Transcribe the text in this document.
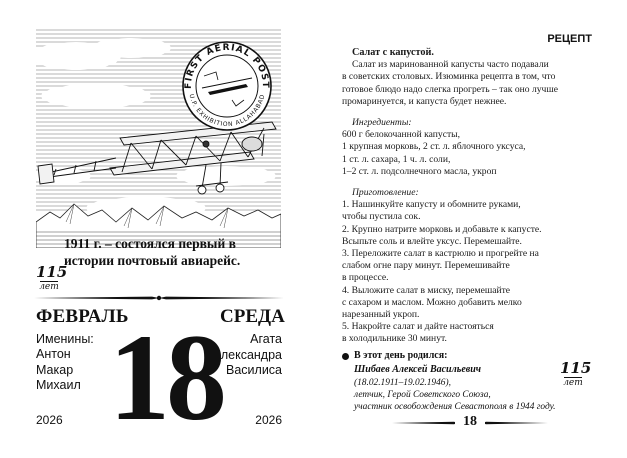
FIRST AERIAL POST
U.P. EXHIBITION ALLAHABAD
115
лет
1911 г. – состоялся первый в истории почтовый авиарейс.
ФЕВРАЛЬ	СРЕДА
Именины:
Антон
Макар
Михаил
Агата
Александра
Василиса
18
2026	2026
РЕЦЕПТ
Салат с капустой.
Салат из маринованной капусты часто подавали
в советских столовых. Изюминка рецепта в том, что
готовое блюдо надо слегка прогреть – так оно лучше
промаринуется, и капуста будет нежнее.
Ингредиенты:
600 г белокочанной капусты,
1 крупная морковь, 2 ст. л. яблочного уксуса,
1 ст. л. сахара, 1 ч. л. соли,
1–2 ст. л. подсолнечного масла, укроп
Приготовление:
1. Нашинкуйте капусту и обомните руками,
чтобы пустила сок.
2. Крупно натрите морковь и добавьте к капусте.
Всыпьте соль и влейте уксус. Перемешайте.
3. Переложите салат в кастрюлю и прогрейте на
слабом огне пару минут. Перемешивайте
в процессе.
4. Выложите салат в миску, перемешайте
с сахаром и маслом. Можно добавить мелко
нарезанный укроп.
5. Накройте салат и дайте настояться
в холодильнике 30 минут.
В этот день родился:
Шибаев Алексей Васильевич
(18.02.1911–19.02.1946),
летчик, Герой Советского Союза,
участник освобождения Севастополя в 1944 году.
115
лет
18
